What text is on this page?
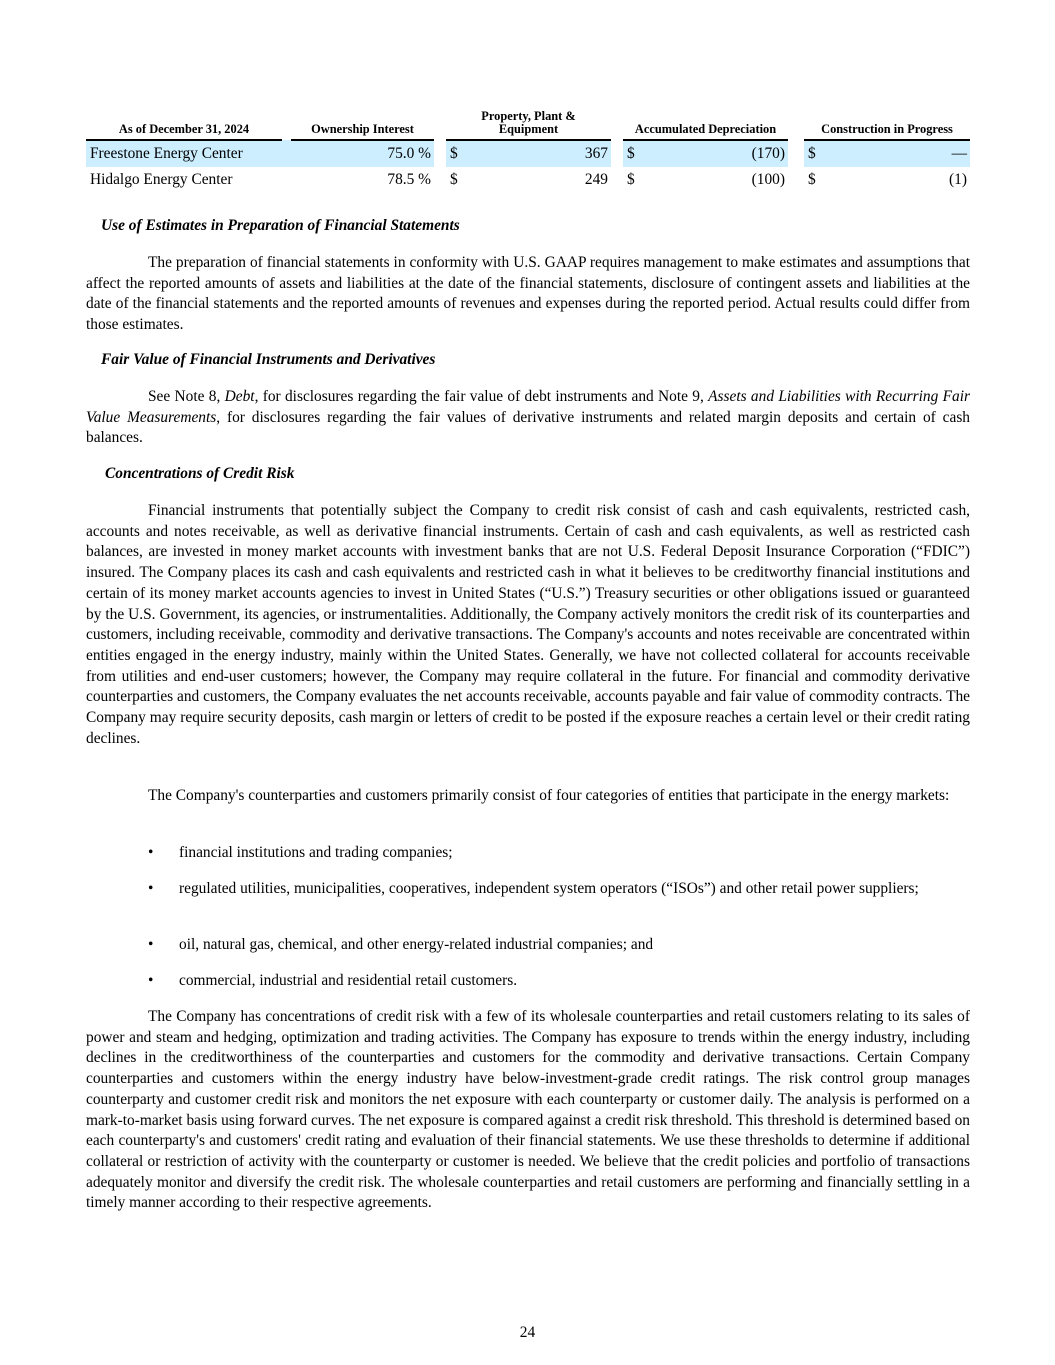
As of December 31, 2024		Ownership Interest		Property, Plant &
Equipment			Accumulated Depreciation			Construction in Progress	
Freestone Energy Center		75.0 %		$	367		$	(170)		$	—
Hidalgo Energy Center		78.5 %		$	249		$	(100)		$	(1)
Use of Estimates in Preparation of Financial Statements

The preparation of financial statements in conformity with U.S. GAAP requires management to make estimates and assumptions that affect the reported amounts of assets and liabilities at the date of the financial statements, disclosure of contingent assets and liabilities at the date of the financial statements and the reported amounts of revenues and expenses during the reported period. Actual results could differ from those estimates.

Fair Value of Financial Instruments and Derivatives

See Note 8, Debt, for disclosures regarding the fair value of debt instruments and Note 9, Assets and Liabilities with Recurring Fair Value Measurements, for disclosures regarding the fair values of derivative instruments and related margin deposits and certain of cash balances.

Concentrations of Credit Risk

Financial instruments that potentially subject the Company to credit risk consist of cash and cash equivalents, restricted cash, accounts and notes receivable, as well as derivative financial instruments. Certain of cash and cash equivalents, as well as restricted cash balances, are invested in money market accounts with investment banks that are not U.S. Federal Deposit Insurance Corporation (“FDIC”) insured. The Company places its cash and cash equivalents and restricted cash in what it believes to be creditworthy financial institutions and certain of its money market accounts agencies to invest in United States (“U.S.”) Treasury securities or other obligations issued or guaranteed by the U.S. Government, its agencies, or instrumentalities. Additionally, the Company actively monitors the credit risk of its counterparties and customers, including receivable, commodity and derivative transactions. The Company's accounts and notes receivable are concentrated within entities engaged in the energy industry, mainly within the United States. Generally, we have not collected collateral for accounts receivable from utilities and end-user customers; however, the Company may require collateral in the future. For financial and commodity derivative counterparties and customers, the Company evaluates the net accounts receivable, accounts payable and fair value of commodity contracts. The Company may require security deposits, cash margin or letters of credit to be posted if the exposure reaches a certain level or their credit rating declines.

The Company's counterparties and customers primarily consist of four categories of entities that participate in the energy markets:

• financial institutions and trading companies;
• regulated utilities, municipalities, cooperatives, independent system operators (“ISOs”) and other retail power suppliers;
• oil, natural gas, chemical, and other energy-related industrial companies; and
• commercial, industrial and residential retail customers.

The Company has concentrations of credit risk with a few of its wholesale counterparties and retail customers relating to its sales of power and steam and hedging, optimization and trading activities. The Company has exposure to trends within the energy industry, including declines in the creditworthiness of the counterparties and customers for the commodity and derivative transactions. Certain Company counterparties and customers within the energy industry have below-investment-grade credit ratings. The risk control group manages counterparty and customer credit risk and monitors the net exposure with each counterparty or customer daily. The analysis is performed on a mark-to-market basis using forward curves. The net exposure is compared against a credit risk threshold. This threshold is determined based on each counterparty's and customers' credit rating and evaluation of their financial statements. We use these thresholds to determine if additional collateral or restriction of activity with the counterparty or customer is needed. We believe that the credit policies and portfolio of transactions adequately monitor and diversify the credit risk. The wholesale counterparties and retail customers are performing and financially settling in a timely manner according to their respective agreements.

24
